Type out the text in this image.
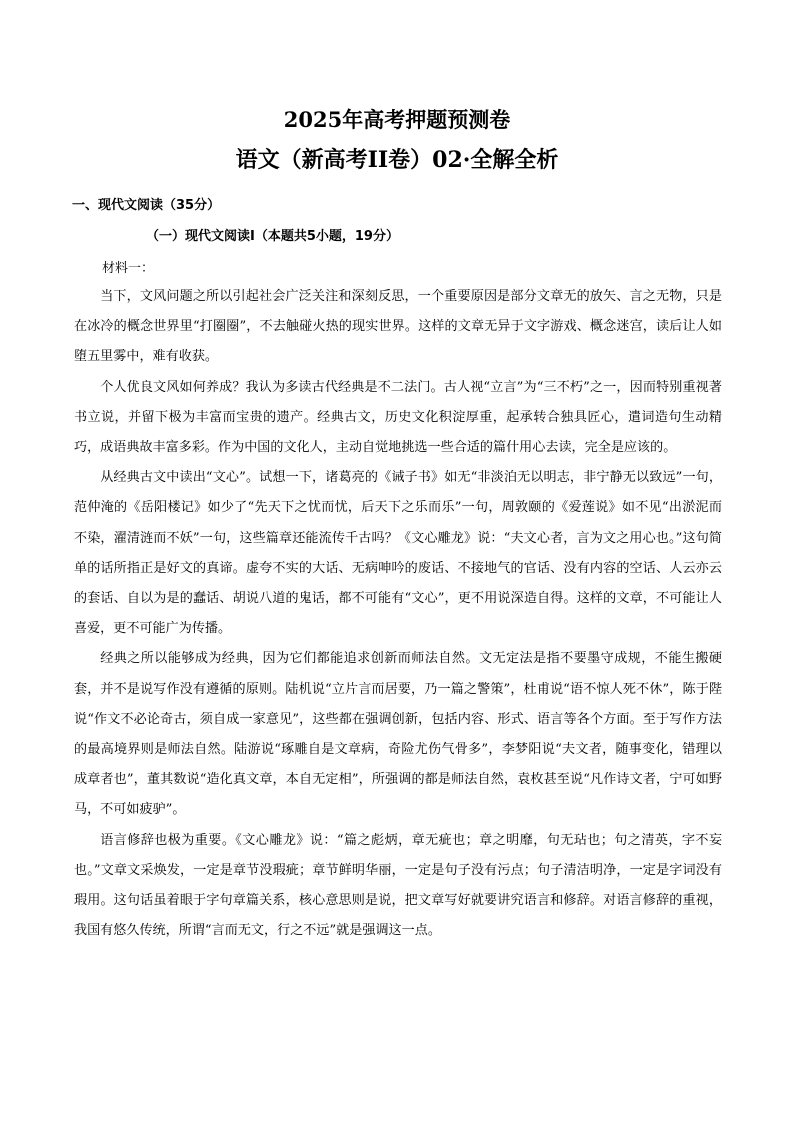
2025年高考押题预测卷
语文（新高考II卷）02·全解全析
一、现代文阅读（35分）
（一）现代文阅读Ⅰ（本题共5小题，19分）
材料一：

当下，文风问题之所以引起社会广泛关注和深刻反思，一个重要原因是部分文章无的放矢、言之无物，只是在冰冷的概念世界里“打圈圈”，不去触碰火热的现实世界。这样的文章无异于文字游戏、概念迷宫，读后让人如堕五里雾中，难有收获。

个人优良文风如何养成？我认为多读古代经典是不二法门。古人视“立言”为“三不朽”之一，因而特别重视著书立说，并留下极为丰富而宝贵的遗产。经典古文，历史文化积淀厚重，起承转合独具匠心，遣词造句生动精巧，成语典故丰富多彩。作为中国的文化人，主动自觉地挑选一些合适的篇什用心去读，完全是应该的。

从经典古文中读出“文心”。试想一下，诸葛亮的《诫子书》如无“非淡泊无以明志，非宁静无以致远”一句，范仲淹的《岳阳楼记》如少了“先天下之忧而忧，后天下之乐而乐”一句，周敦颐的《爱莲说》如不见“出淤泥而不染，濯清涟而不妖”一句，这些篇章还能流传千古吗？《文心雕龙》说：“夫文心者，言为文之用心也。”这句简单的话所指正是好文的真谛。虚夸不实的大话、无病呻吟的废话、不接地气的官话、没有内容的空话、人云亦云的套话、自以为是的蠢话、胡说八道的鬼话，都不可能有“文心”，更不用说深造自得。这样的文章，不可能让人喜爱，更不可能广为传播。

经典之所以能够成为经典，因为它们都能追求创新而师法自然。文无定法是指不要墨守成规，不能生搬硬套，并不是说写作没有遵循的原则。陆机说“立片言而居要，乃一篇之警策”，杜甫说“语不惊人死不休”，陈于陛说“作文不必论奇古，须自成一家意见”，这些都在强调创新，包括内容、形式、语言等各个方面。至于写作方法的最高境界则是师法自然。陆游说“琢雕自是文章病，奇险尤伤气骨多”，李梦阳说“夫文者，随事变化，错理以成章者也”，董其数说“造化真文章，本自无定相”，所强调的都是师法自然，袁枚甚至说“凡作诗文者，宁可如野马，不可如疲驴”。

语言修辞也极为重要。《文心雕龙》说：“篇之彪炳，章无疵也；章之明靡，句无玷也；句之清英，字不妄也。”文章文采焕发，一定是章节没瑕疵；章节鲜明华丽，一定是句子没有污点；句子清洁明净，一定是字词没有瑕用。这句话虽着眼于字句章篇关系，核心意思则是说，把文章写好就要讲究语言和修辞。对语言修辞的重视，我国有悠久传统，所谓“言而无文，行之不远”就是强调这一点。
